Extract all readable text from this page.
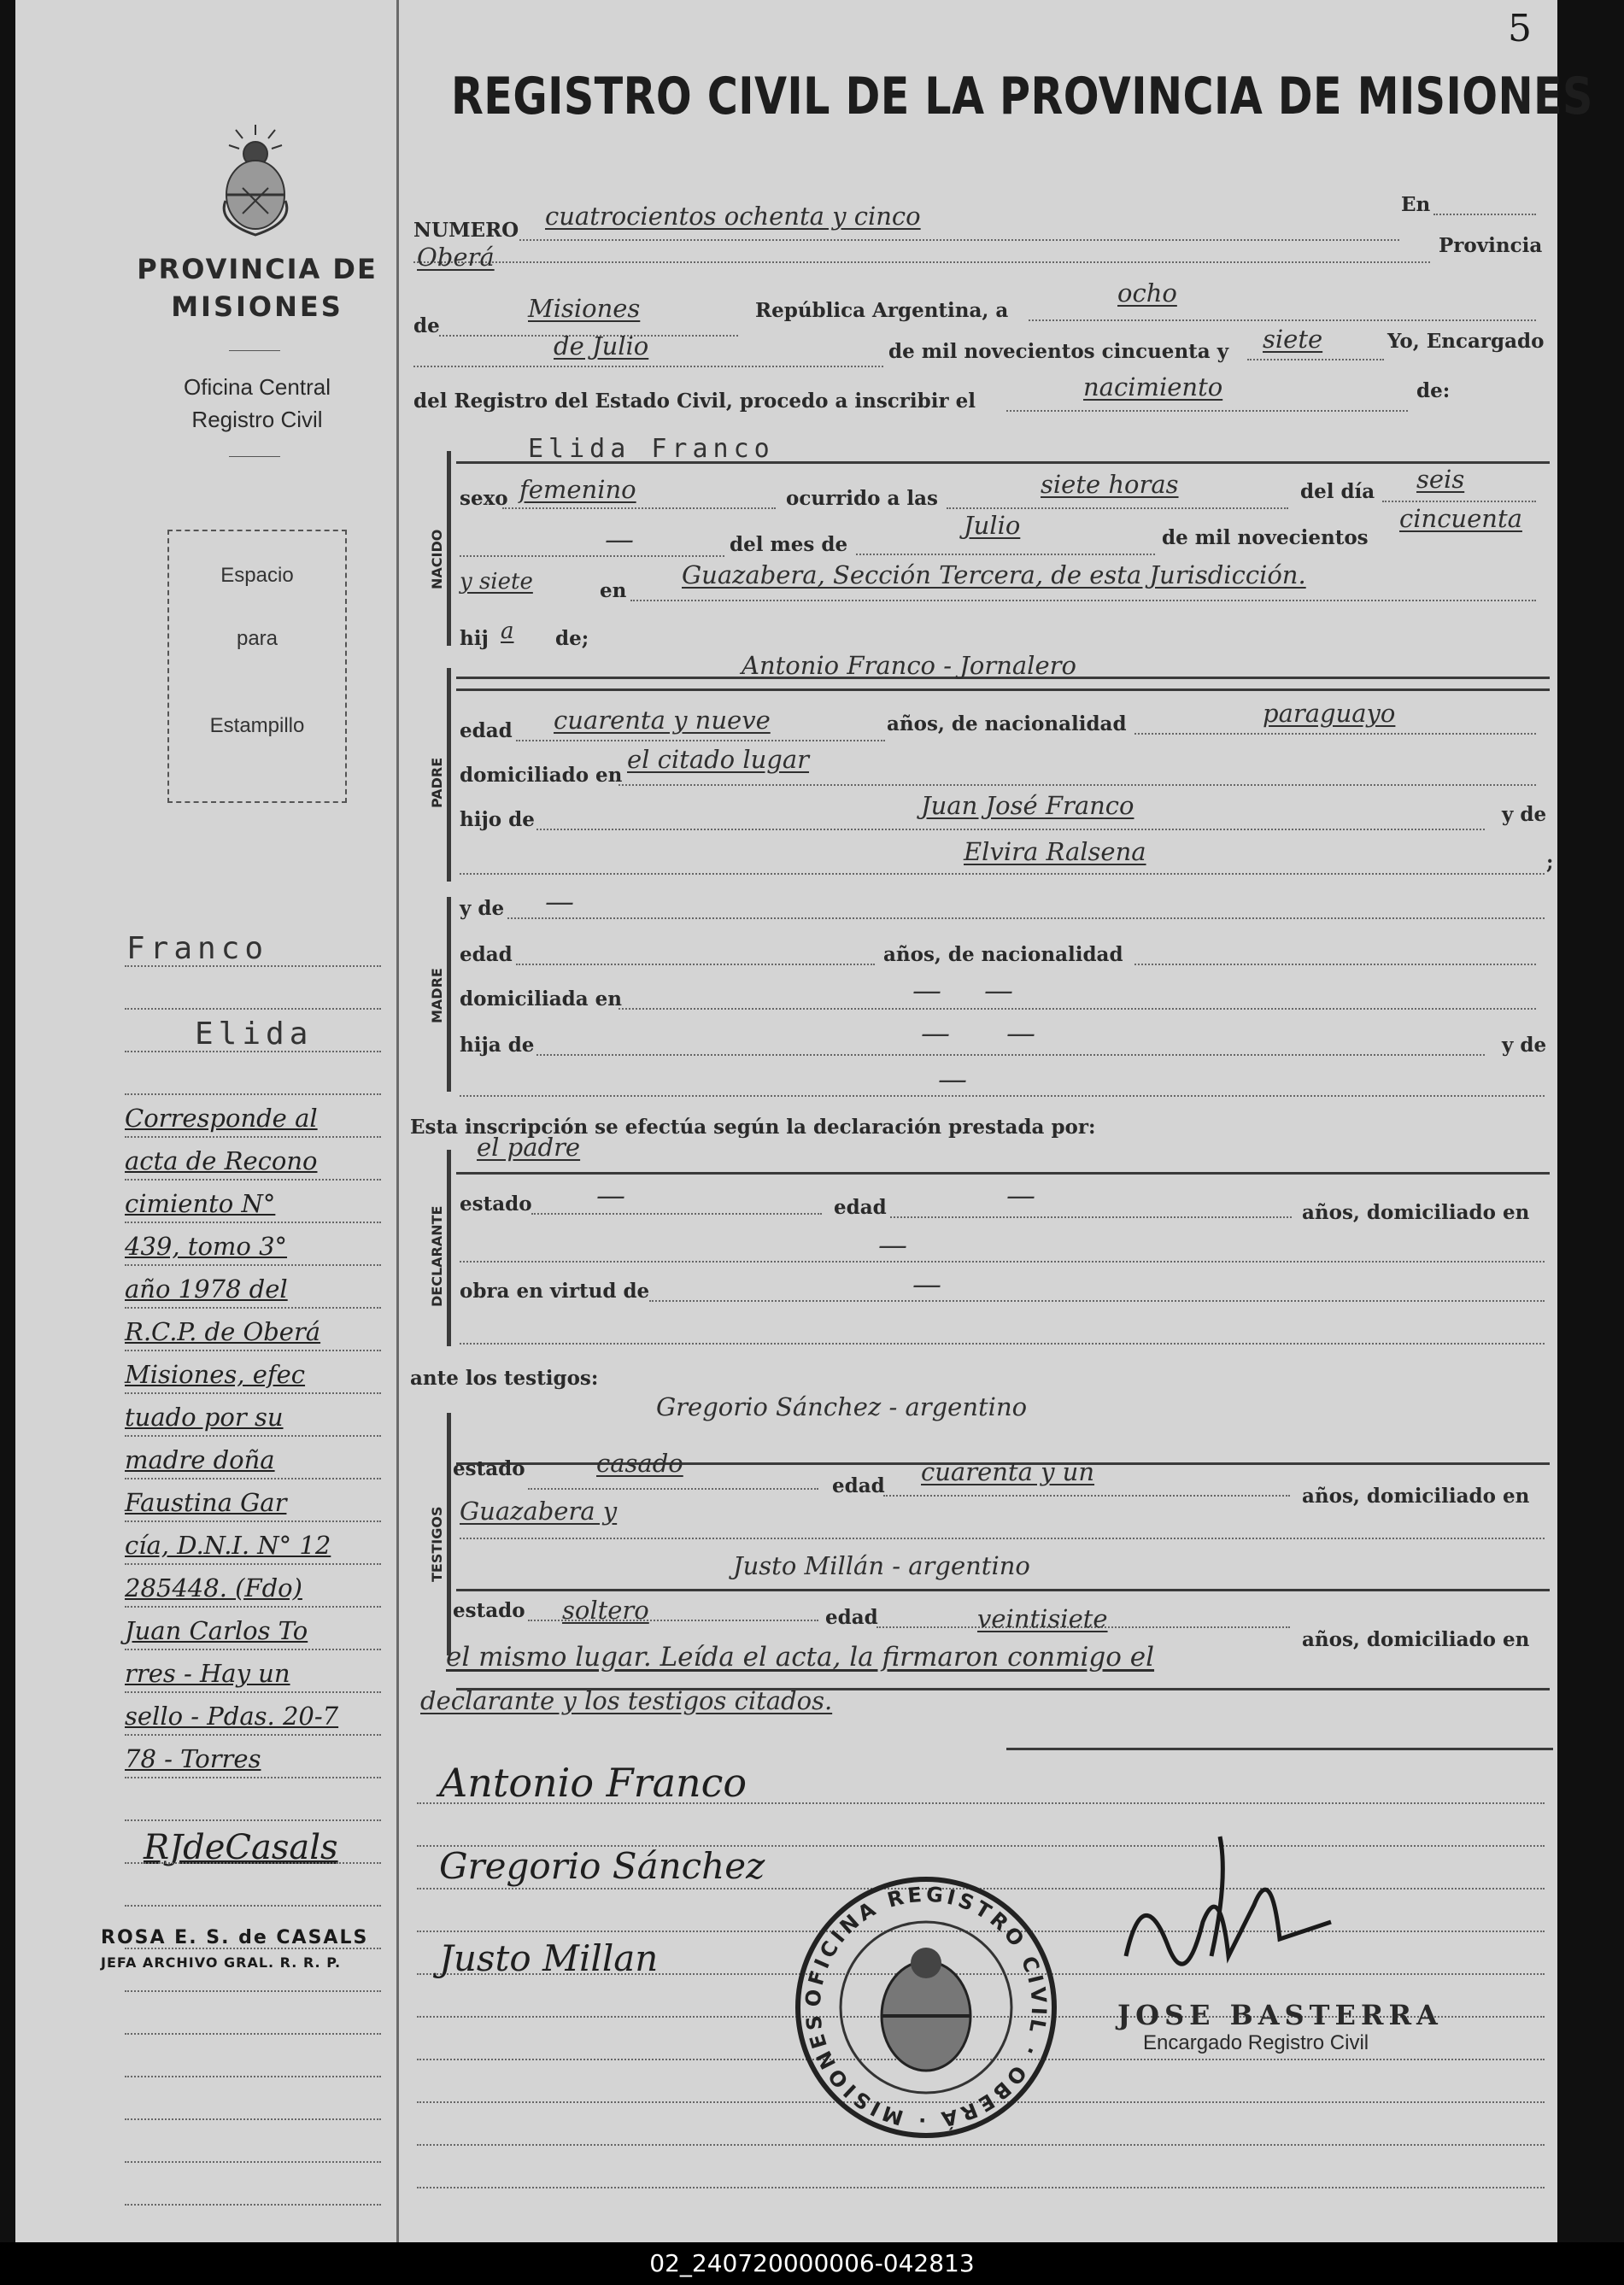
PROVINCIA DE
MISIONES
Oficina Central
Registro Civil
Espacio
para
Estampillo
Franco
Elida
Corresponde al
acta de Recono
cimiento N°
439, tomo 3°
año 1978 del
R.C.P. de Oberá
Misiones, efec
tuado por su
madre doña
Faustina Gar
cía, D.N.I. N° 12
285448. (Fdo)
Juan Carlos To
rres - Hay un
sello - Pdas. 20-7
78 - Torres
RJdeCasals
ROSA E. S. de CASALS
JEFA ARCHIVO GRAL. R. R. P.
5
REGISTRO CIVIL DE LA PROVINCIA DE MISIONES
NUMERO cuatrocientos ochenta y cinco	En
Oberá	Provincia
de
Misiones	República Argentina, a
ocho
de Julio	de mil novecientos cincuenta y siete	Yo, Encargado
del Registro del Estado Civil, procedo a inscribir el	nacimiento	de:
NACIDO
Elida Franco
sexo femenino	ocurrido a las	siete horas	del día seis
—	del mes de
Julio	de mil novecientos
cincuenta
y siete	en
Guazabera, Sección Tercera, de esta Jurisdicción.
hij a de;
PADRE
Antonio Franco - Jornalero
edad cuarenta y nueve	años, de nacionalidad	paraguayo
domiciliado en
el citado lugar
hijo de	Juan José Franco	y de
Elvira Ralsena	;
MADRE
y de —
edad	años, de nacionalidad
domiciliada en	— —
hija de	— —	y de
—
Esta inscripción se efectúa según la declaración prestada por:
DECLARANTE
el padre
estado —	edad	—	años, domiciliado en
—
obra en virtud de	—
ante los testigos:
TESTIGOS
Gregorio Sánchez - argentino
estado	casado
edad cuarenta y un
años, domiciliado en
Guazabera y
Justo Millán - argentino
estado soltero	edad	veintisiete
años, domiciliado en
el mismo lugar. Leída el acta, la firmaron conmigo el
declarante y los testigos citados.
Antonio Franco
Gregorio Sánchez
Justo Millan
OFICINA REGISTRO CIVIL · OBERÁ · MISIONES	JOSE BASTERRA
Encargado Registro Civil
02_240720000006-042813
